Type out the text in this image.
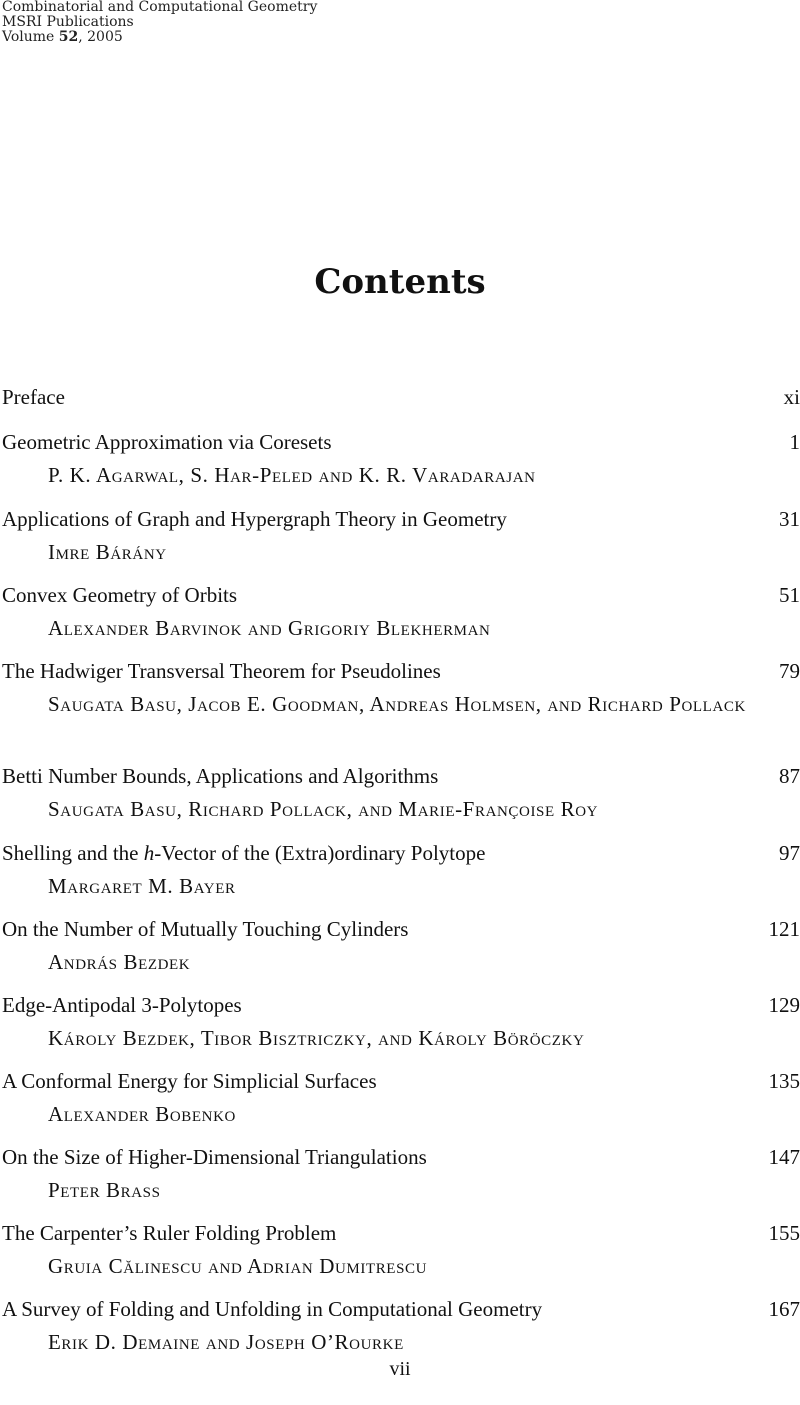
Combinatorial and Computational Geometry
MSRI Publications
Volume 52, 2005
Contents
Preface	xi
Geometric Approximation via Coresets	1
P. K. Agarwal, S. Har-Peled and K. R. Varadarajan
Applications of Graph and Hypergraph Theory in Geometry	31
Imre Bárány
Convex Geometry of Orbits	51
Alexander Barvinok and Grigoriy Blekherman
The Hadwiger Transversal Theorem for Pseudolines	79
Saugata Basu, Jacob E. Goodman, Andreas Holmsen, and Richard Pollack
Betti Number Bounds, Applications and Algorithms	87
Saugata Basu, Richard Pollack, and Marie-Françoise Roy
Shelling and the h-Vector of the (Extra)ordinary Polytope	97
Margaret M. Bayer
On the Number of Mutually Touching Cylinders	121
András Bezdek
Edge-Antipodal 3-Polytopes	129
Károly Bezdek, Tibor Bisztriczky, and Károly Böröczky
A Conformal Energy for Simplicial Surfaces	135
Alexander Bobenko
On the Size of Higher-Dimensional Triangulations	147
Peter Brass
The Carpenter’s Ruler Folding Problem	155
Gruia Călinescu and Adrian Dumitrescu
A Survey of Folding and Unfolding in Computational Geometry	167
Erik D. Demaine and Joseph O’Rourke
vii
